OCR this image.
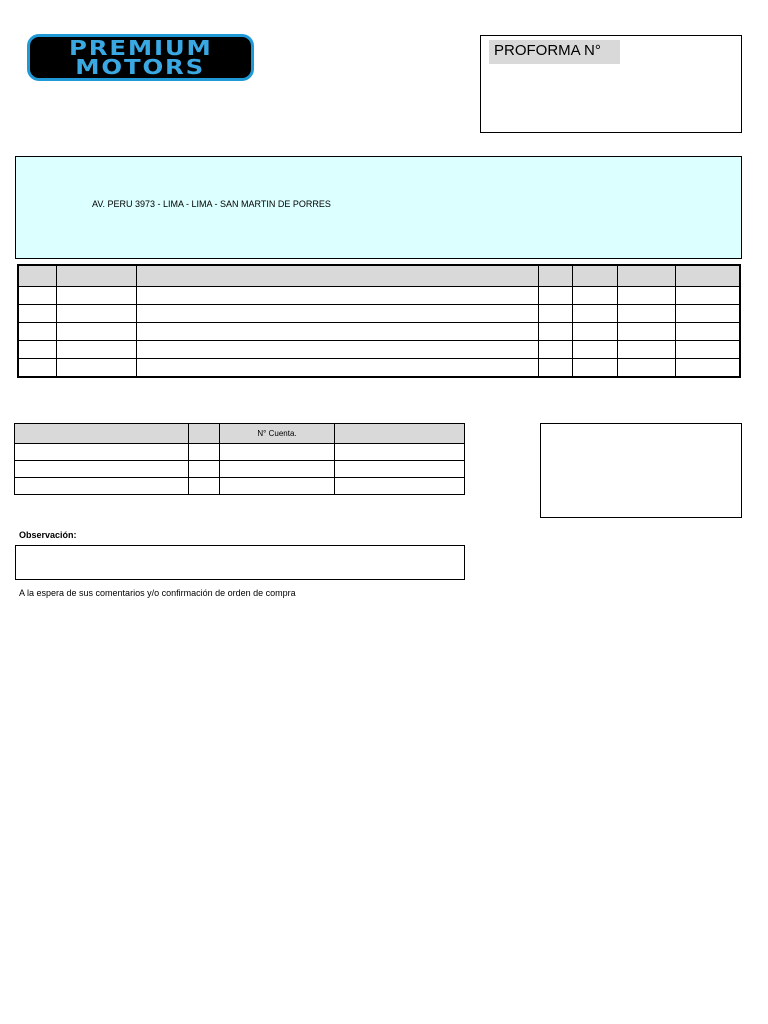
PREMIUM
MOTORS
PROFORMA N°
AV. PERU 3973 - LIMA - LIMA - SAN MARTIN DE PORRES

		N° Cuenta.	

Observación:
A la espera de sus comentarios y/o confirmación de orden de compra
